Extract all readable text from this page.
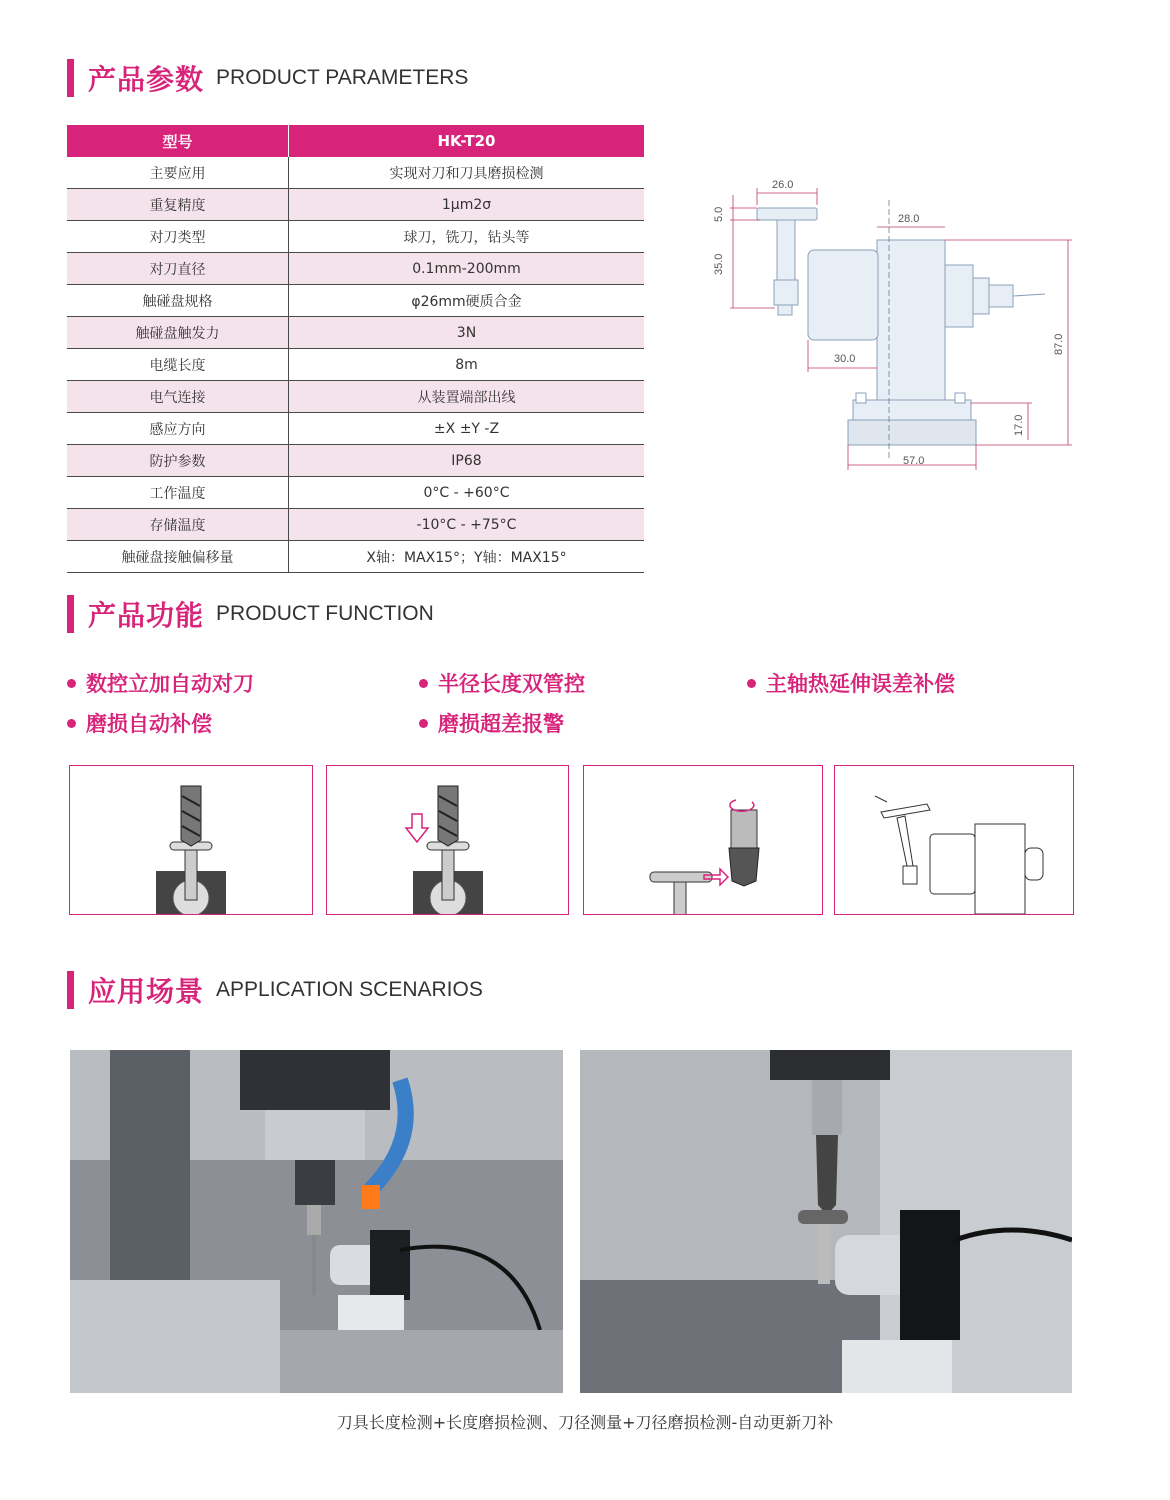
产品参数 PRODUCT PARAMETERS
型号	HK-T20
主要应用	实现对刀和刀具磨损检测
重复精度	1μm2σ
对刀类型	球刀，铣刀，钻头等
对刀直径	0.1mm-200mm
触碰盘规格	φ26mm硬质合金
触碰盘触发力	3N
电缆长度	8m
电气连接	从装置端部出线
感应方向	±X ±Y -Z
防护参数	IP68
工作温度	0°C - +60°C
存储温度	-10°C - +75°C
触碰盘接触偏移量	X轴：MAX15°；Y轴：MAX15°
26.0
5.0	28.0
35.0
30.0
87.0
17.0
57.0
产品功能 PRODUCT FUNCTION
数控立加自动对刀	半径长度双管控	主轴热延伸误差补偿
磨损自动补偿	磨损超差报警
应用场景 APPLICATION SCENARIOS
刀具长度检测+长度磨损检测、刀径测量+刀径磨损检测-自动更新刀补
